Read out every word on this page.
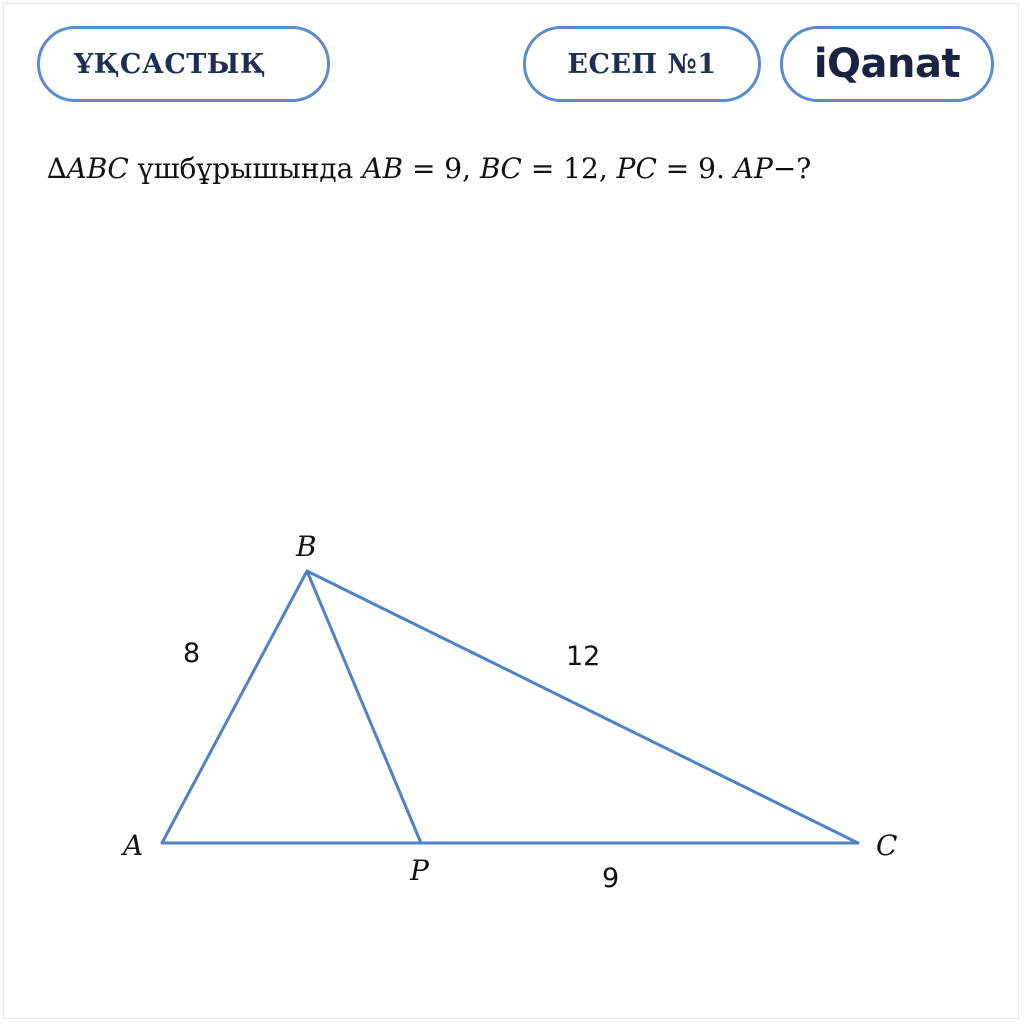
ҰҚСАСТЫҚ	ЕСЕП №1 iQanat
∆𝐴𝐵𝐶 үшбұрышында 𝐴𝐵 = 9, 𝐵𝐶 = 12, 𝑃𝐶 = 9. 𝐴𝑃−?
B
A	C
P
8	12
9
